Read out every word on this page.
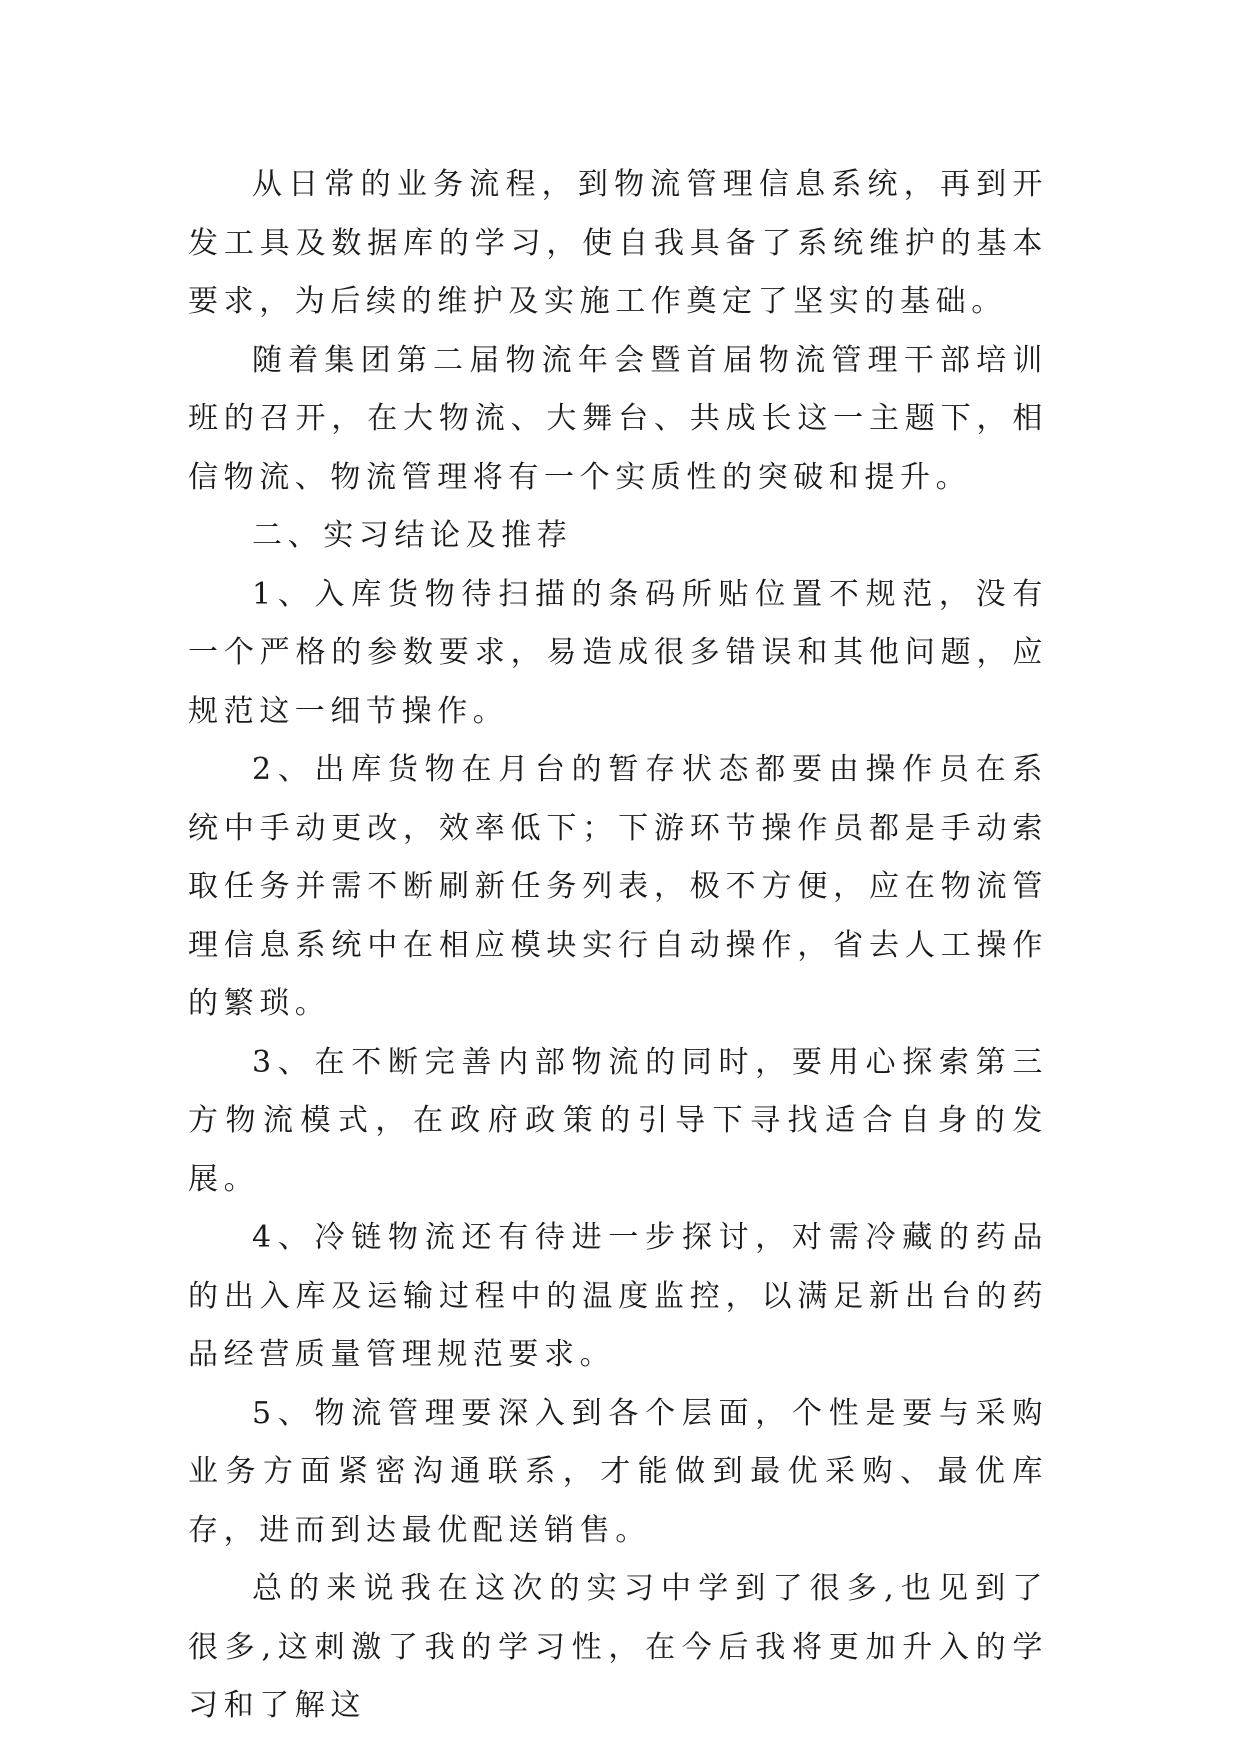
从日常的业务流程，到物流管理信息系统，再到开发工具及数据库的学习，使自我具备了系统维护的基本要求，为后续的维护及实施工作奠定了坚实的基础。

随着集团第二届物流年会暨首届物流管理干部培训班的召开，在大物流、大舞台、共成长这一主题下，相信物流、物流管理将有一个实质性的突破和提升。

二、实习结论及推荐

1、入库货物待扫描的条码所贴位置不规范，没有一个严格的参数要求，易造成很多错误和其他问题，应规范这一细节操作。

2、出库货物在月台的暂存状态都要由操作员在系统中手动更改，效率低下；下游环节操作员都是手动索取任务并需不断刷新任务列表，极不方便，应在物流管理信息系统中在相应模块实行自动操作，省去人工操作的繁琐。

3、在不断完善内部物流的同时，要用心探索第三方物流模式，在政府政策的引导下寻找适合自身的发展。

4、冷链物流还有待进一步探讨，对需冷藏的药品的出入库及运输过程中的温度监控，以满足新出台的药品经营质量管理规范要求。

5、物流管理要深入到各个层面，个性是要与采购业务方面紧密沟通联系，才能做到最优采购、最优库存，进而到达最优配送销售。

总的来说我在这次的实习中学到了很多,也见到了很多,这刺激了我的学习性，在今后我将更加升入的学习和了解这
